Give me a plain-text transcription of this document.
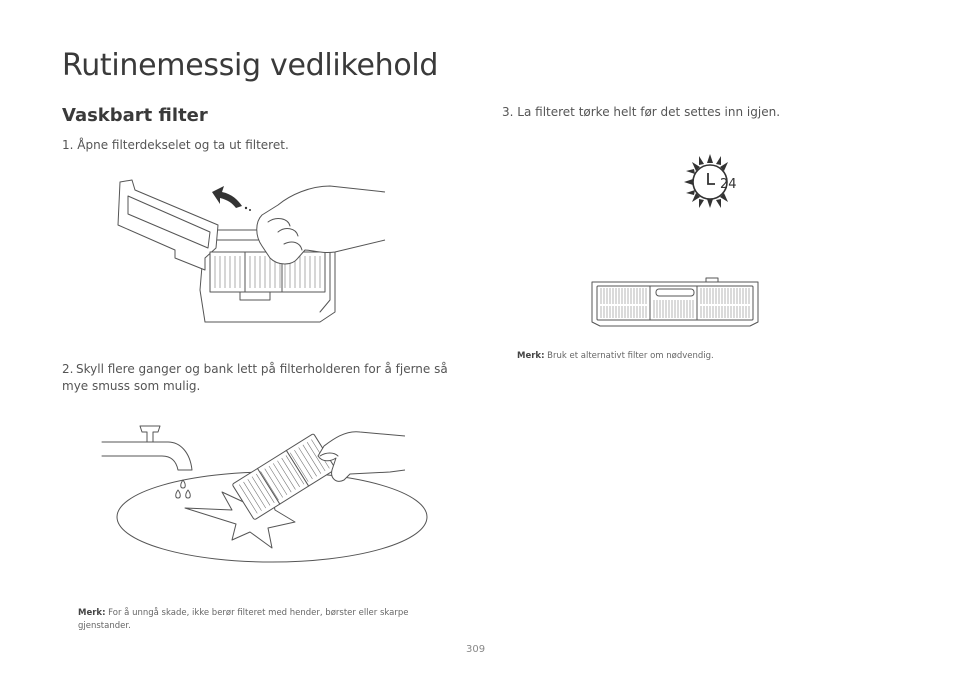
Rutinemessig vedlikehold
Vaskbart filter
1. Åpne filterdekselet og ta ut filteret.
2. Skyll flere ganger og bank lett på filterholderen for å fjerne så mye smuss som mulig.
Merk: For å unngå skade, ikke berør filteret med hender, børster eller skarpe gjenstander.
3. La filteret tørke helt før det settes inn igjen.
24
Merk: Bruk et alternativt filter om nødvendig.
309
